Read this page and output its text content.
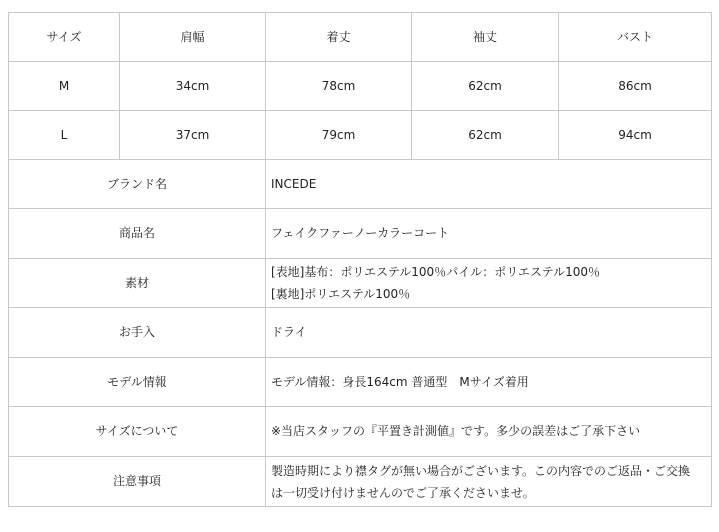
サイズ	肩幅	着丈	袖丈	バスト
M	34cm	78cm	62cm	86cm
L	37cm	79cm	62cm	94cm
ブランド名		INCEDE		
商品名		フェイクファーノーカラーコート		
素材		[表地]基布：ポリエステル100％パイル：ポリエステル100％
[裏地]ポリエステル100％		

お手入		ドライ		
モデル情報		モデル情報：身長164cm 普通型　Mサイズ着用		
サイズについて		※当店スタッフの『平置き計測値』です。多少の誤差はご了承下さい		
注意事項		製造時期により襟タグが無い場合がございます。この内容でのご返品・ご交換
は一切受け付けませんのでご了承くださいませ。		
